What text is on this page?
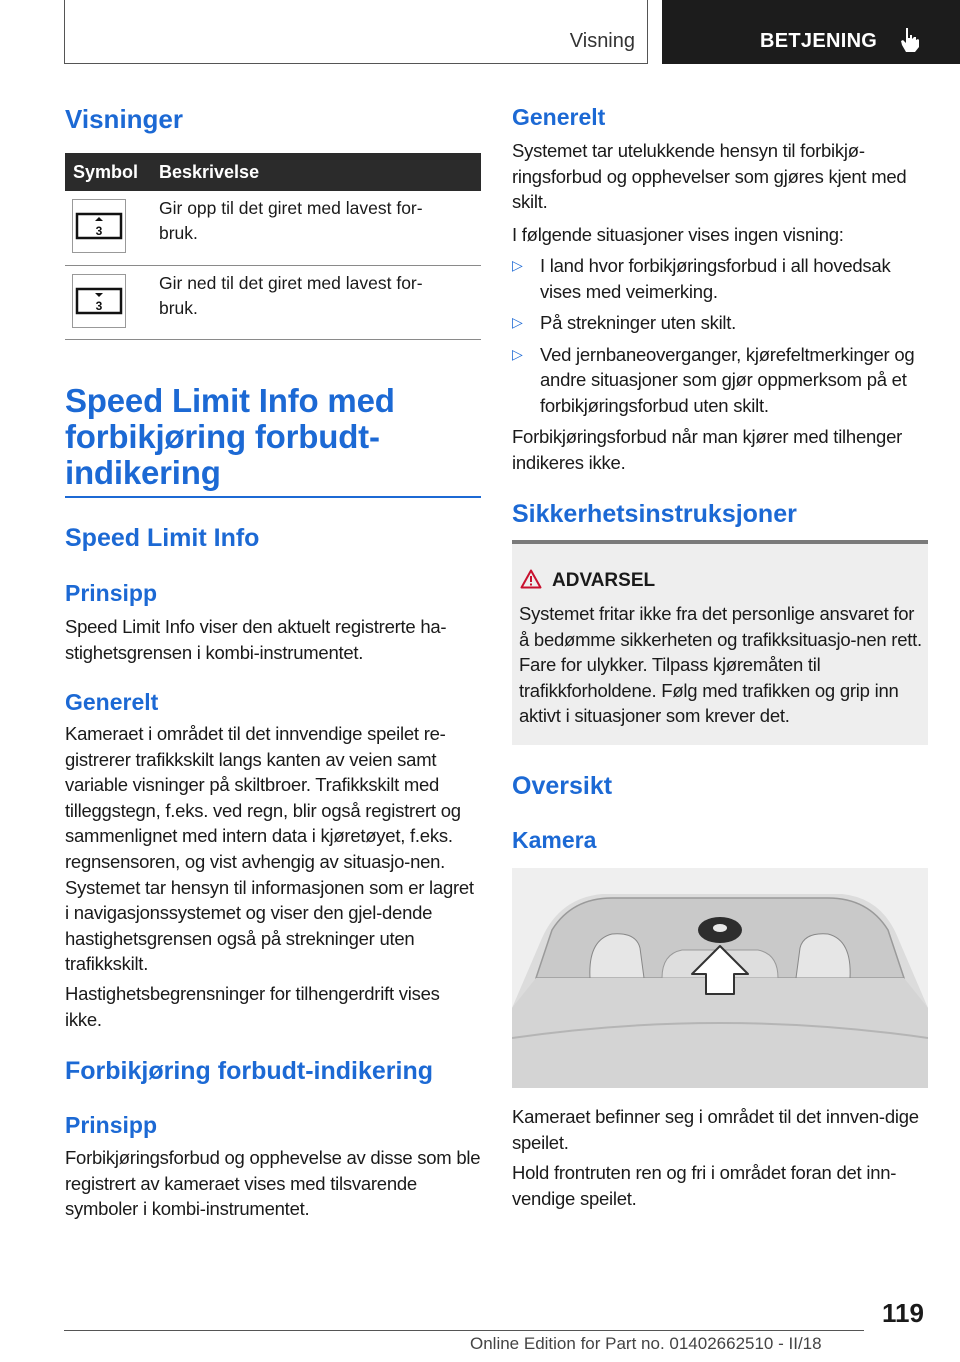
Visning	BETJENING
Visninger
Symbol	Beskrivelse

3	Gir opp til det giret med lavest for-
bruk.

3	Gir ned til det giret med lavest for-
bruk.
Speed Limit Info med
forbikjøring forbudt-
indikering
Speed Limit Info
Prinsipp

Speed Limit Info viser den aktuelt registrerte ha-stighetsgrensen i kombi-instrumentet.

Generelt

Kameraet i området til det innvendige speilet re-gistrerer trafikkskilt langs kanten av veien samt variable visninger på skiltbroer. Trafikkskilt med tilleggstegn, f.eks. ved regn, blir også registrert og sammenlignet med intern data i kjøretøyet, f.eks. regnsensoren, og vist avhengig av situasjo-nen. Systemet tar hensyn til informasjonen som er lagret i navigasjonssystemet og viser den gjel-dende hastighetsgrensen også på strekninger uten trafikkskilt.

Hastighetsbegrensninger for tilhengerdrift vises ikke.

Forbikjøring forbudt-indikering
Prinsipp

Forbikjøringsforbud og opphevelse av disse som ble registrert av kameraet vises med tilsvarende symboler i kombi-instrumentet.

Generelt

Systemet tar utelukkende hensyn til forbikjø-ringsforbud og opphevelser som gjøres kjent med skilt.

I følgende situasjoner vises ingen visning:

▷ I land hvor forbikjøringsforbud i all hovedsak vises med veimerking.
▷ På strekninger uten skilt.
▷ Ved jernbaneoverganger, kjørefeltmerkinger og andre situasjoner som gjør oppmerksom på et forbikjøringsforbud uten skilt.

Forbikjøringsforbud når man kjører med tilhenger indikeres ikke.

Sikkerhetsinstruksjoner
ADVARSEL
Systemet fritar ikke fra det personlige ansvaret for å bedømme sikkerheten og trafikksituasjo-nen rett. Fare for ulykker. Tilpass kjøremåten til trafikkforholdene. Følg med trafikken og grip inn aktivt i situasjoner som krever det.
Oversikt
Kamera

Kameraet befinner seg i området til det innven-dige speilet.

Hold frontruten ren og fri i området foran det inn-vendige speilet.

119
Online Edition for Part no. 01402662510 - II/18
